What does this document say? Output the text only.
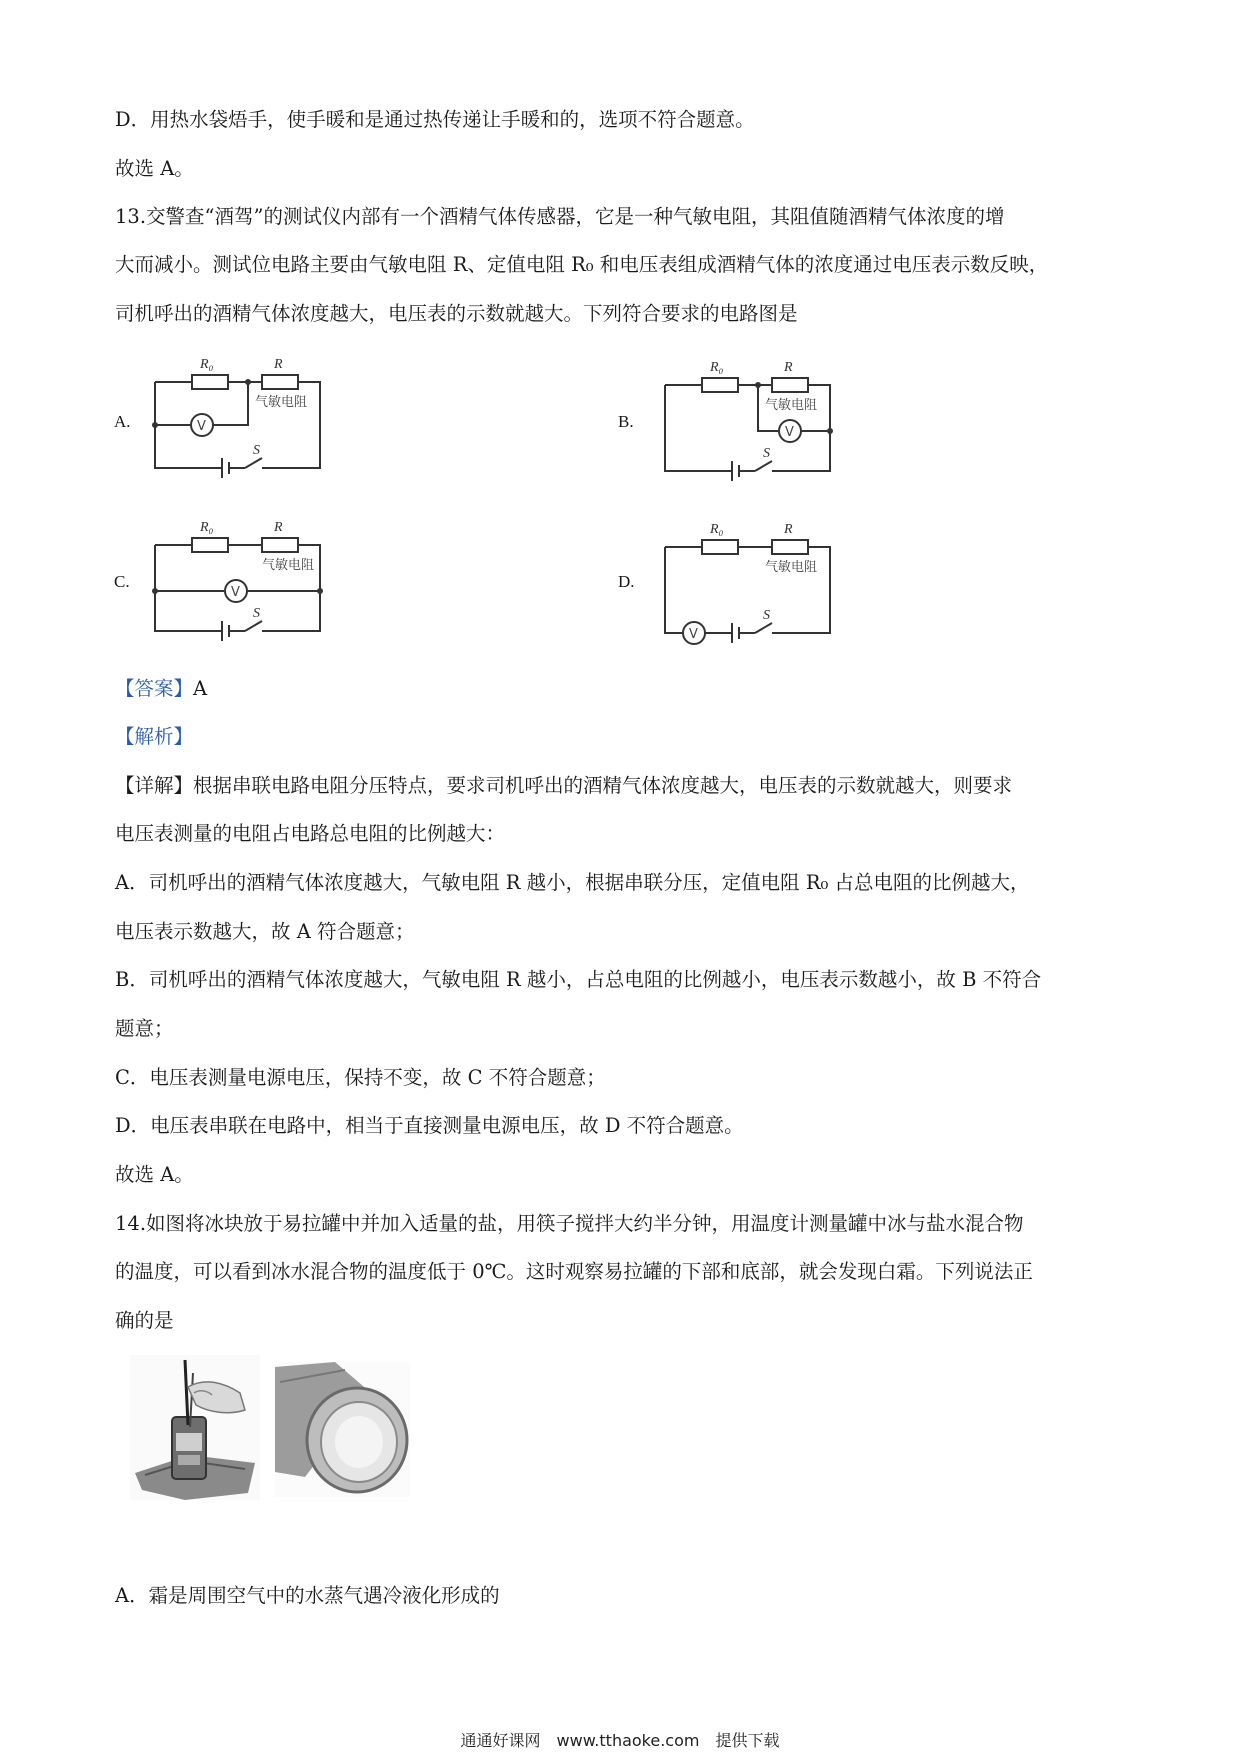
D．用热水袋焐手，使手暖和是通过热传递让手暖和的，选项不符合题意。
故选 A。
13.交警查“酒驾”的测试仪内部有一个酒精气体传感器，它是一种气敏电阻，其阻值随酒精气体浓度的增
大而减小。测试位电路主要由气敏电阻 R、定值电阻 R₀ 和电压表组成酒精气体的浓度通过电压表示数反映，
司机呼出的酒精气体浓度越大，电压表的示数就越大。下列符合要求的电路图是
A.
R₀	R
气敏电阻
V
S
B.
R₀	R
气敏电阻
V
S
C.
R₀	R
气敏电阻
V
S
D.
R₀	R
气敏电阻
V
S
【答案】A
【解析】
【详解】根据串联电路电阻分压特点，要求司机呼出的酒精气体浓度越大，电压表的示数就越大，则要求
电压表测量的电阻占电路总电阻的比例越大：
A．司机呼出的酒精气体浓度越大，气敏电阻 R 越小，根据串联分压，定值电阻 R₀ 占总电阻的比例越大，
电压表示数越大，故 A 符合题意；
B．司机呼出的酒精气体浓度越大，气敏电阻 R 越小，占总电阻的比例越小，电压表示数越小，故 B 不符合
题意；
C．电压表测量电源电压，保持不变，故 C 不符合题意；
D．电压表串联在电路中，相当于直接测量电源电压，故 D 不符合题意。
故选 A。
14.如图将冰块放于易拉罐中并加入适量的盐，用筷子搅拌大约半分钟，用温度计测量罐中冰与盐水混合物
的温度，可以看到冰水混合物的温度低于 0℃。这时观察易拉罐的下部和底部，就会发现白霜。下列说法正
确的是
A．霜是周围空气中的水蒸气遇冷液化形成的
通通好课网　www.tthaoke.com　提供下载
